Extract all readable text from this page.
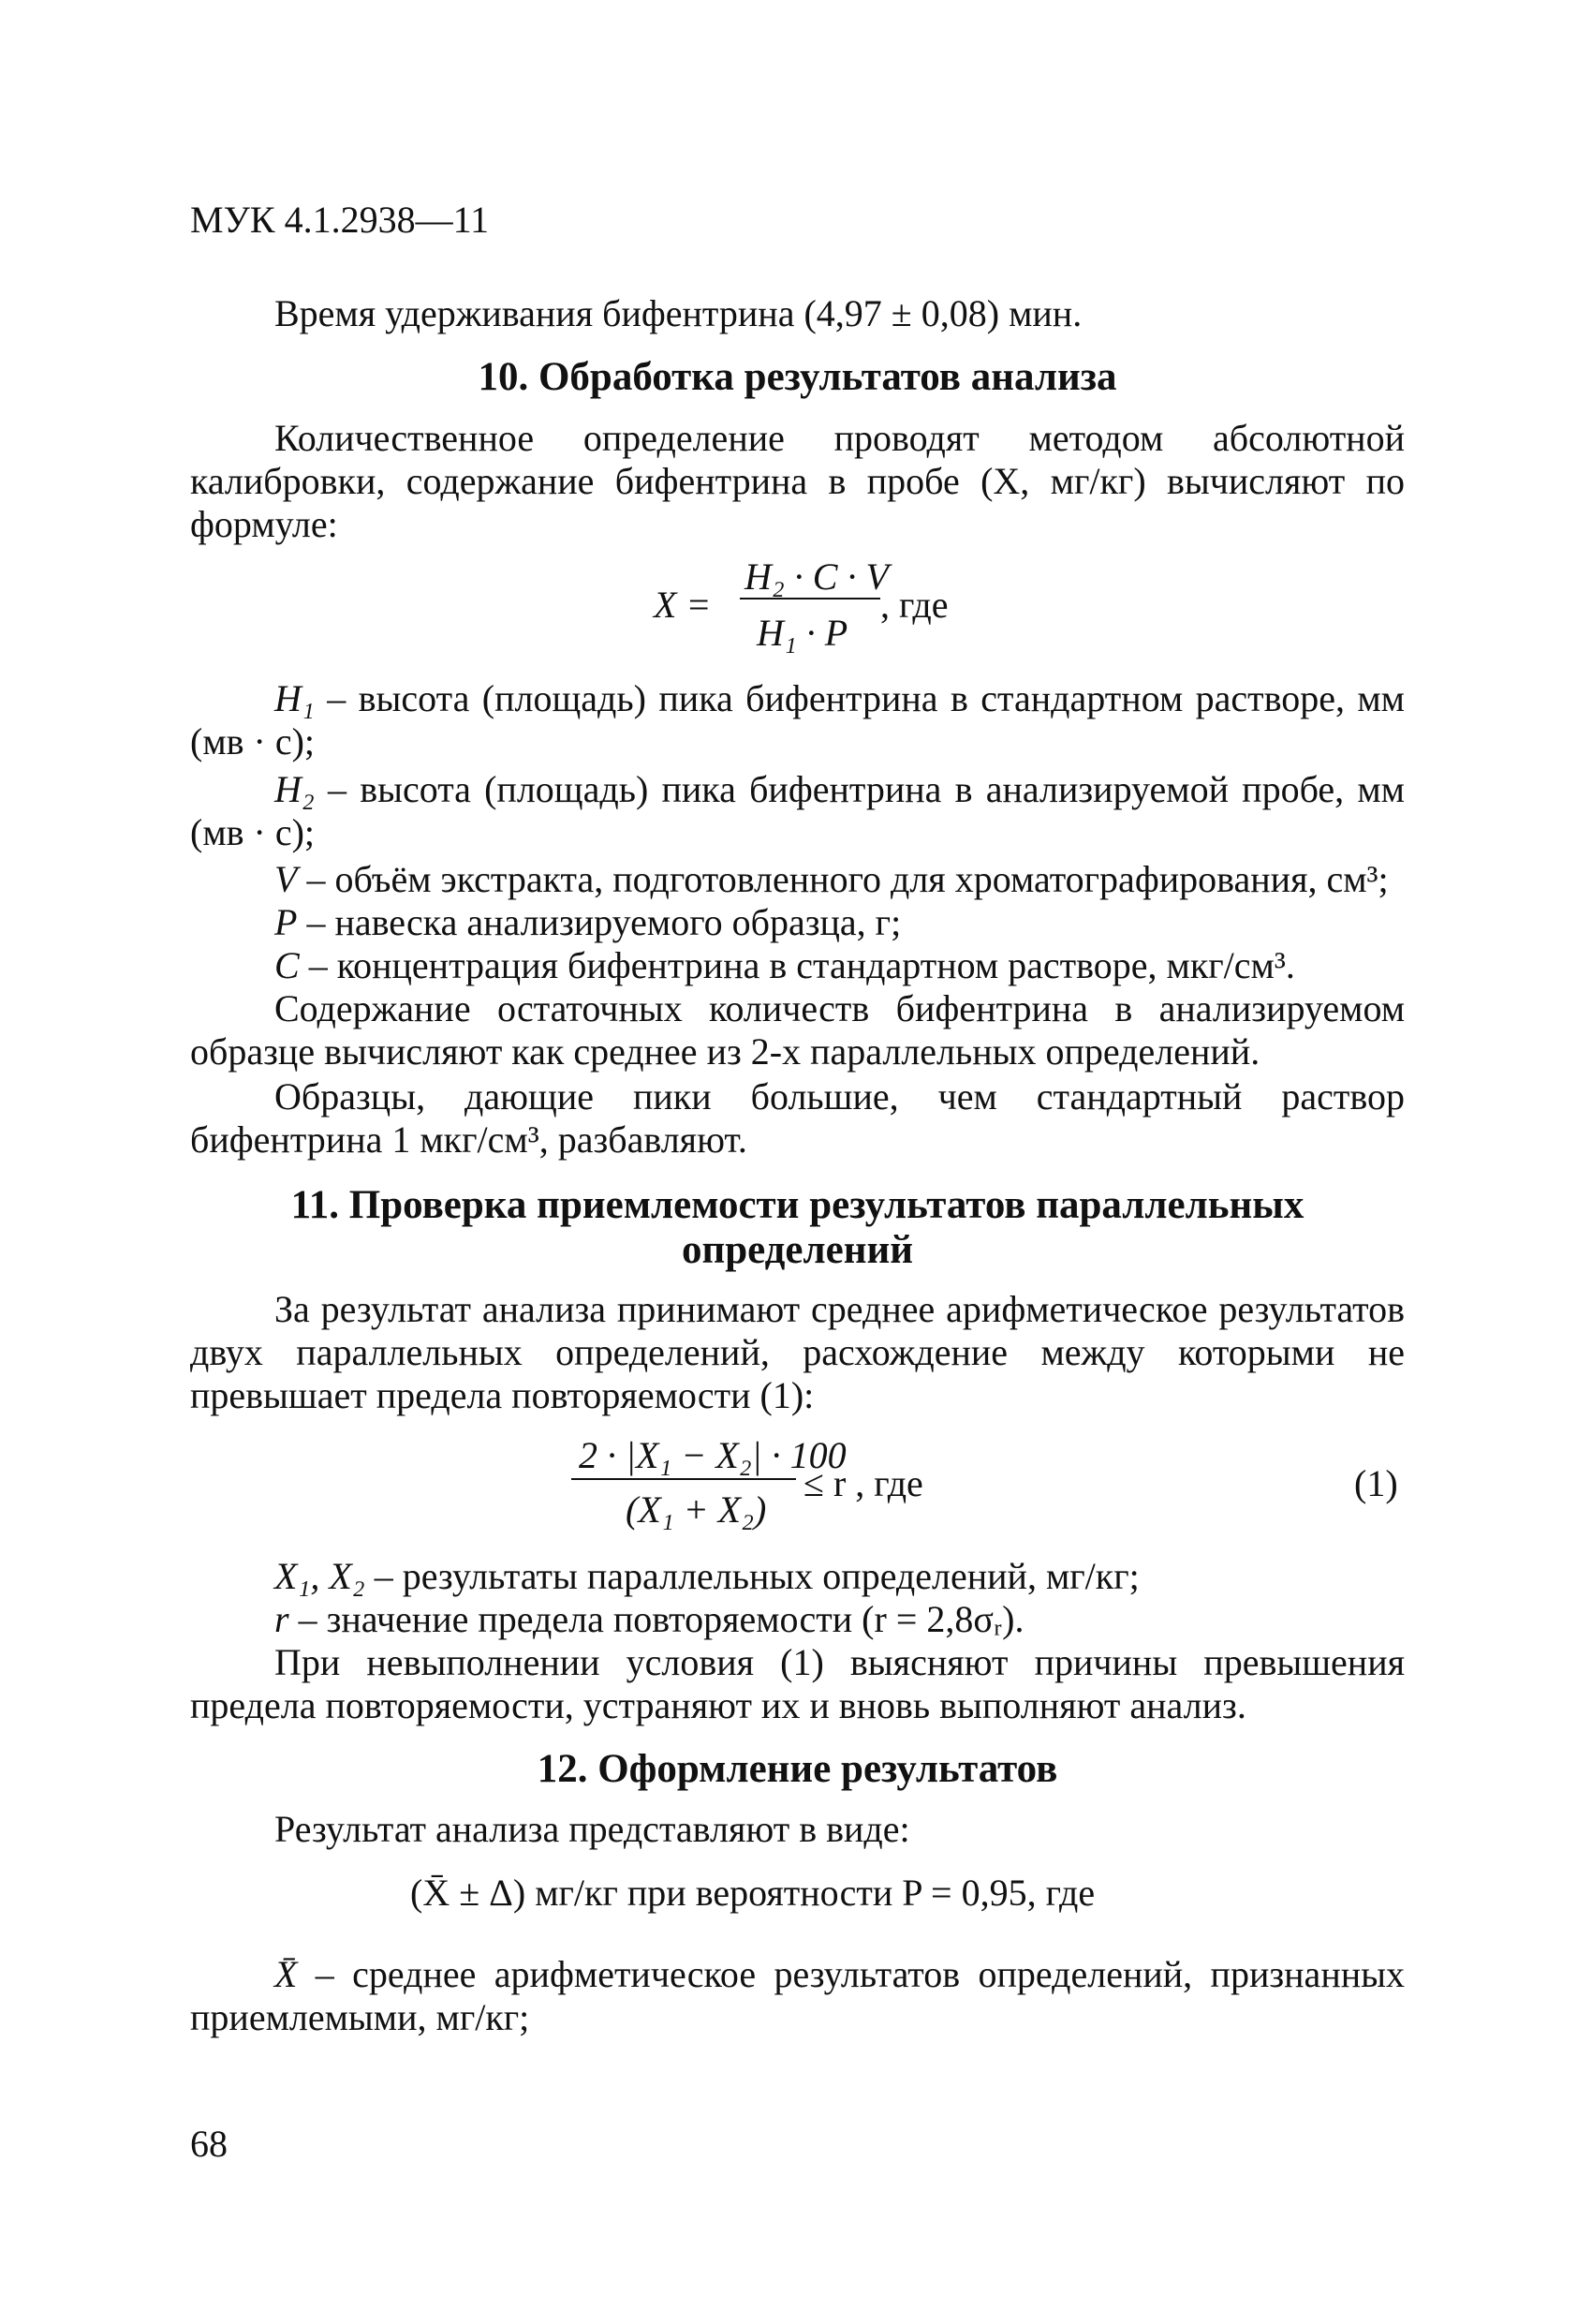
МУК 4.1.2938—11
Время удерживания бифентрина (4,97 ± 0,08) мин.
10. Обработка результатов анализа

Количественное определение проводят методом абсолютной калибровки, содержание бифентрина в пробе (X, мг/кг) вычисляют по формуле:

X =
H₂ · C · V
H₁ · P
, где
H₁ – высота (площадь) пика бифентрина в стандартном растворе, мм (мв · с);
H₂ – высота (площадь) пика бифентрина в анализируемой пробе, мм (мв · с);
V – объём экстракта, подготовленного для хроматографирования, см³;
P – навеска анализируемого образца, г;
C – концентрация бифентрина в стандартном растворе, мкг/см³.

Содержание остаточных количеств бифентрина в анализируемом образце вычисляют как среднее из 2-х параллельных определений.

Образцы, дающие пики большие, чем стандартный раствор бифентрина 1 мкг/см³, разбавляют.

11. Проверка приемлемости результатов параллельных
определений

За результат анализа принимают среднее арифметическое результатов двух параллельных определений, расхождение между которыми не превышает предела повторяемости (1):

2 · |X₁ − X₂| · 100
(X₁ + X₂)
≤ r , где	(1)
X₁, X₂ – результаты параллельных определений, мг/кг;
r – значение предела повторяемости (r = 2,8σᵣ).

При невыполнении условия (1) выясняют причины превышения предела повторяемости, устраняют их и вновь выполняют анализ.

12. Оформление результатов
Результат анализа представляют в виде:
(X̄ ± Δ) мг/кг при вероятности P = 0,95, где
X̄ – среднее арифметическое результатов определений, признанных приемлемыми, мг/кг;
68
